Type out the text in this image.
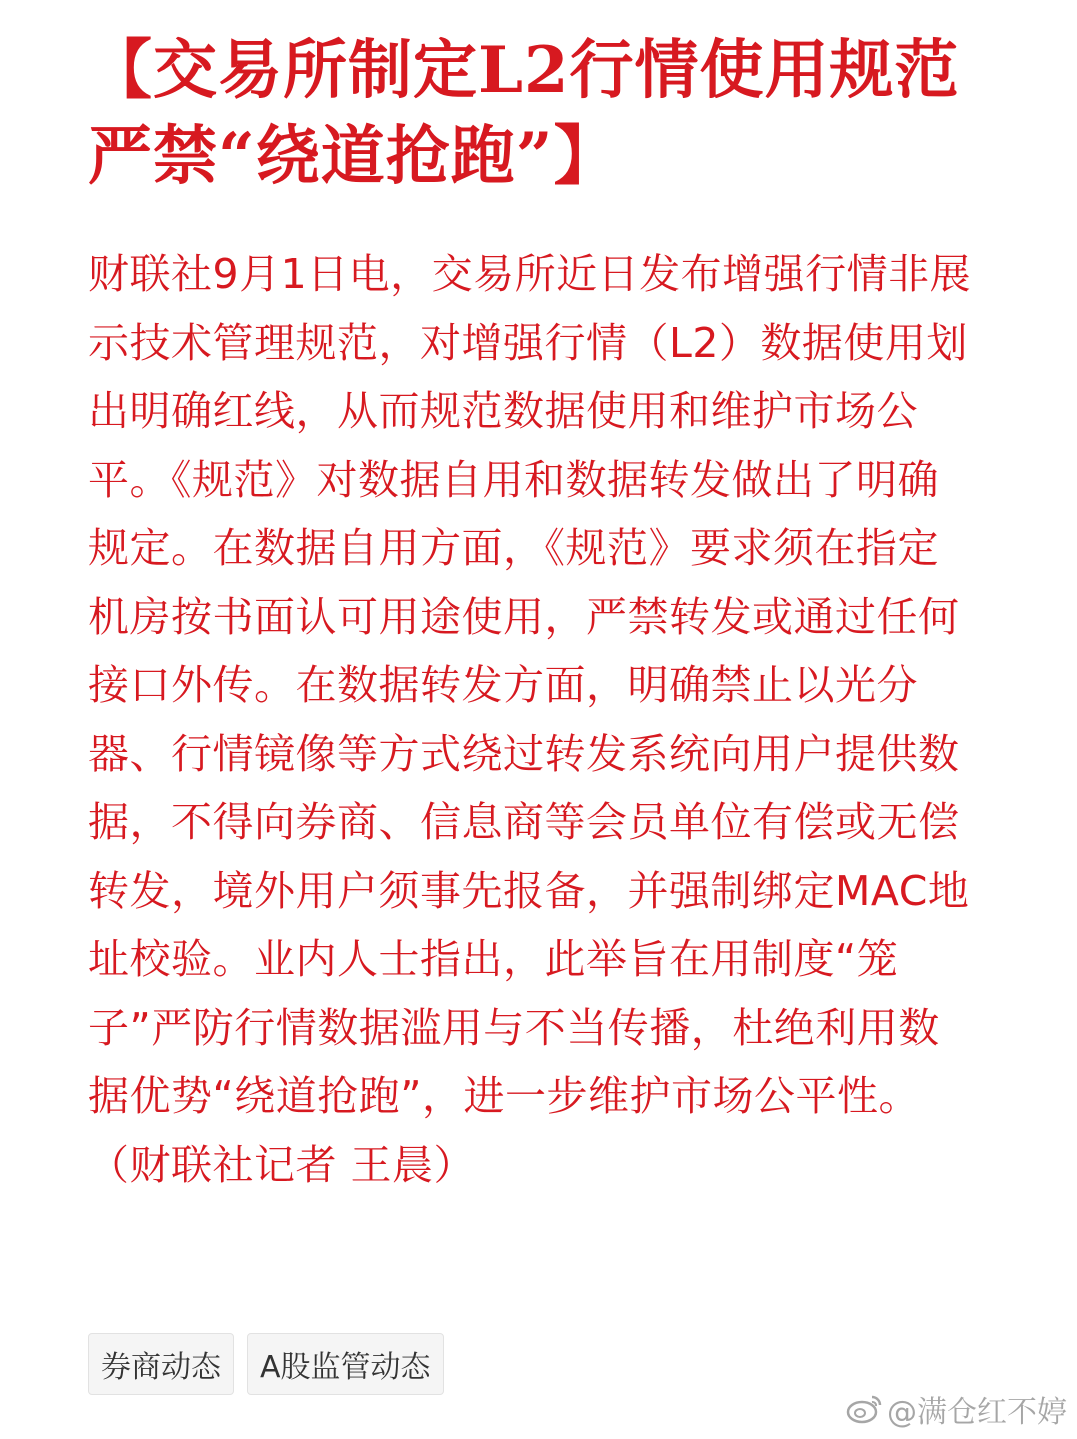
【交易所制定L2行情使用规范 严禁“绕道抢跑”】

财联社9月1日电，交易所近日发布增强行情非展示技术管理规范，对增强行情（L2）数据使用划出明确红线，从而规范数据使用和维护市场公平。《规范》对数据自用和数据转发做出了明确规定。在数据自用方面，《规范》要求须在指定机房按书面认可用途使用，严禁转发或通过任何接口外传。在数据转发方面，明确禁止以光分器、行情镜像等方式绕过转发系统向用户提供数据，不得向券商、信息商等会员单位有偿或无偿转发，境外用户须事先报备，并强制绑定MAC地址校验。业内人士指出，此举旨在用制度“笼子”严防行情数据滥用与不当传播，杜绝利用数据优势“绕道抢跑”，进一步维护市场公平性。 （财联社记者 王晨）

券商动态	A股监管动态
@满仓红不婷
